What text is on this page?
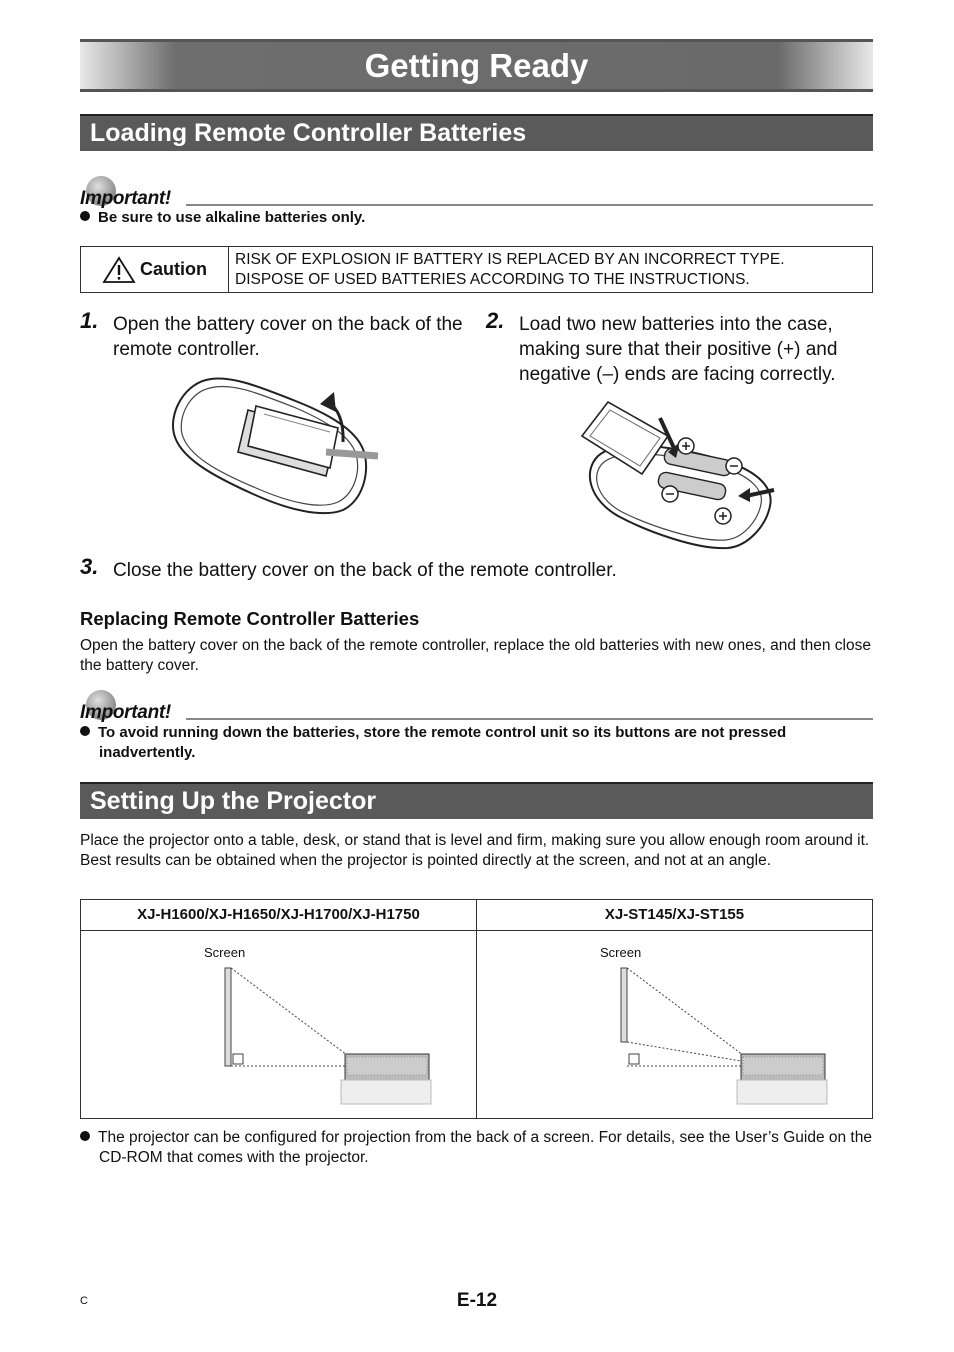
Getting Ready
Loading Remote Controller Batteries
Important!
Be sure to use alkaline batteries only.
Caution RISK OF EXPLOSION IF BATTERY IS REPLACED BY AN INCORRECT TYPE.
DISPOSE OF USED BATTERIES ACCORDING TO THE INSTRUCTIONS.
1. Open the battery cover on the back of the remote controller.
2. Load two new batteries into the case, making sure that their positive (+) and negative (–) ends are facing correctly.
3. Close the battery cover on the back of the remote controller.
Replacing Remote Controller Batteries
Open the battery cover on the back of the remote controller, replace the old batteries with new ones, and then close the battery cover.
Important!
To avoid running down the batteries, store the remote control unit so its buttons are not pressed inadvertently.
Setting Up the Projector
Place the projector onto a table, desk, or stand that is level and firm, making sure you allow enough room around it. Best results can be obtained when the projector is pointed directly at the screen, and not at an angle.
XJ-H1600/XJ-H1650/XJ-H1700/XJ-H1750	XJ-ST145/XJ-ST155
Screen	Screen
The projector can be configured for projection from the back of a screen. For details, see the User’s Guide on the CD-ROM that comes with the projector.
C	E-12
